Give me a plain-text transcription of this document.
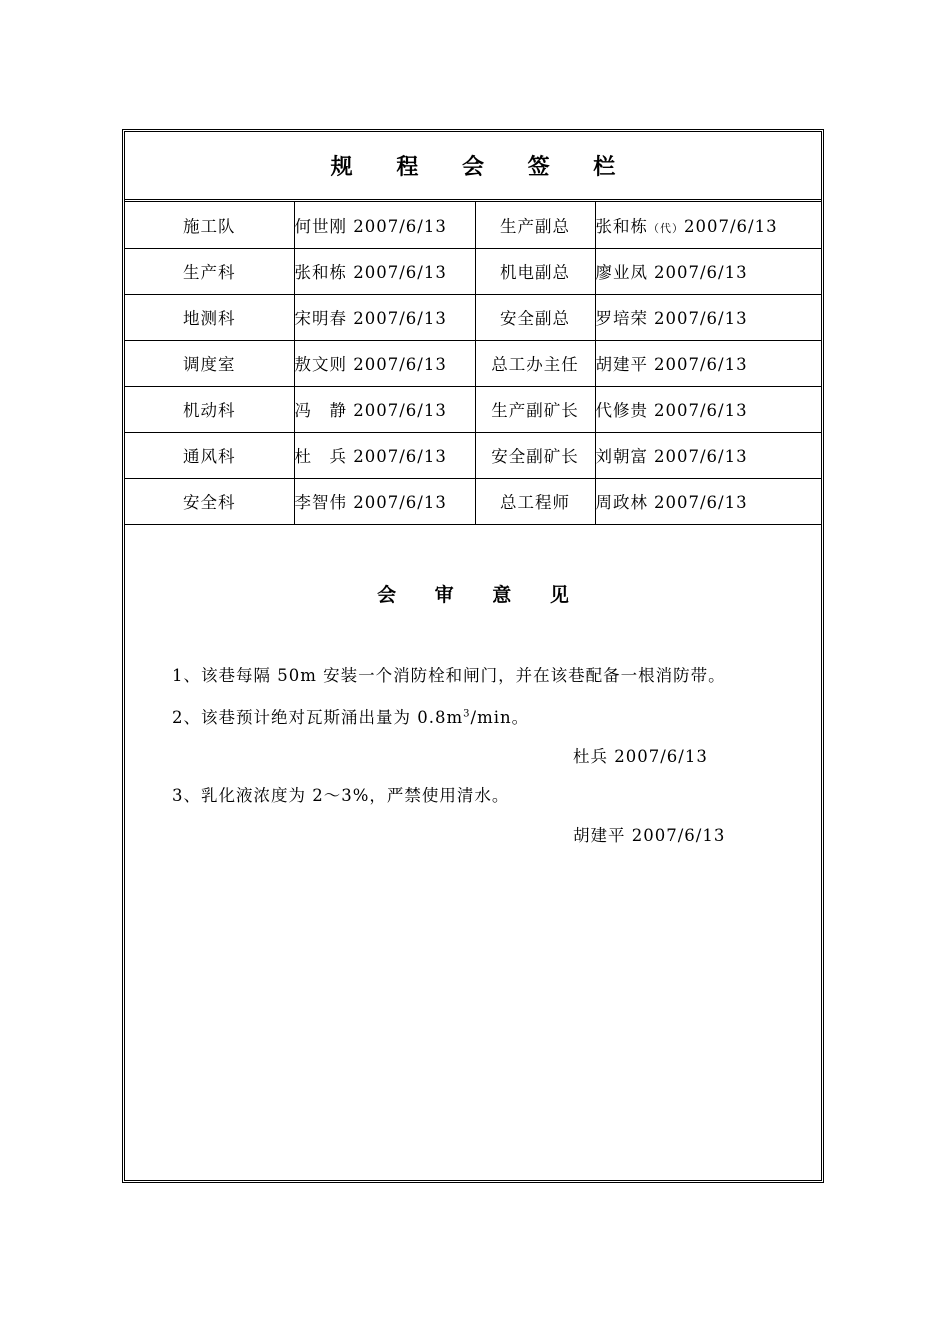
规 程 会 签 栏
施工队	何世刚 2007/6/13	生产副总	张和栋（代）2007/6/13
生产科	张和栋 2007/6/13	机电副总	廖业凤 2007/6/13
地测科	宋明春 2007/6/13	安全副总	罗培荣 2007/6/13
调度室	敖文则 2007/6/13	总工办主任	胡建平 2007/6/13
机动科	冯　静 2007/6/13	生产副矿长	代修贵 2007/6/13
通风科	杜　兵 2007/6/13	安全副矿长	刘朝富 2007/6/13
安全科	李智伟 2007/6/13	总工程师	周政林 2007/6/13
会 审 意 见
1、该巷每隔 50m 安装一个消防栓和闸门，并在该巷配备一根消防带。
2、该巷预计绝对瓦斯涌出量为 $0.8m^3/\min$。
杜兵 2007/6/13
3、乳化液浓度为 2～3%，严禁使用清水。
胡建平 2007/6/13
